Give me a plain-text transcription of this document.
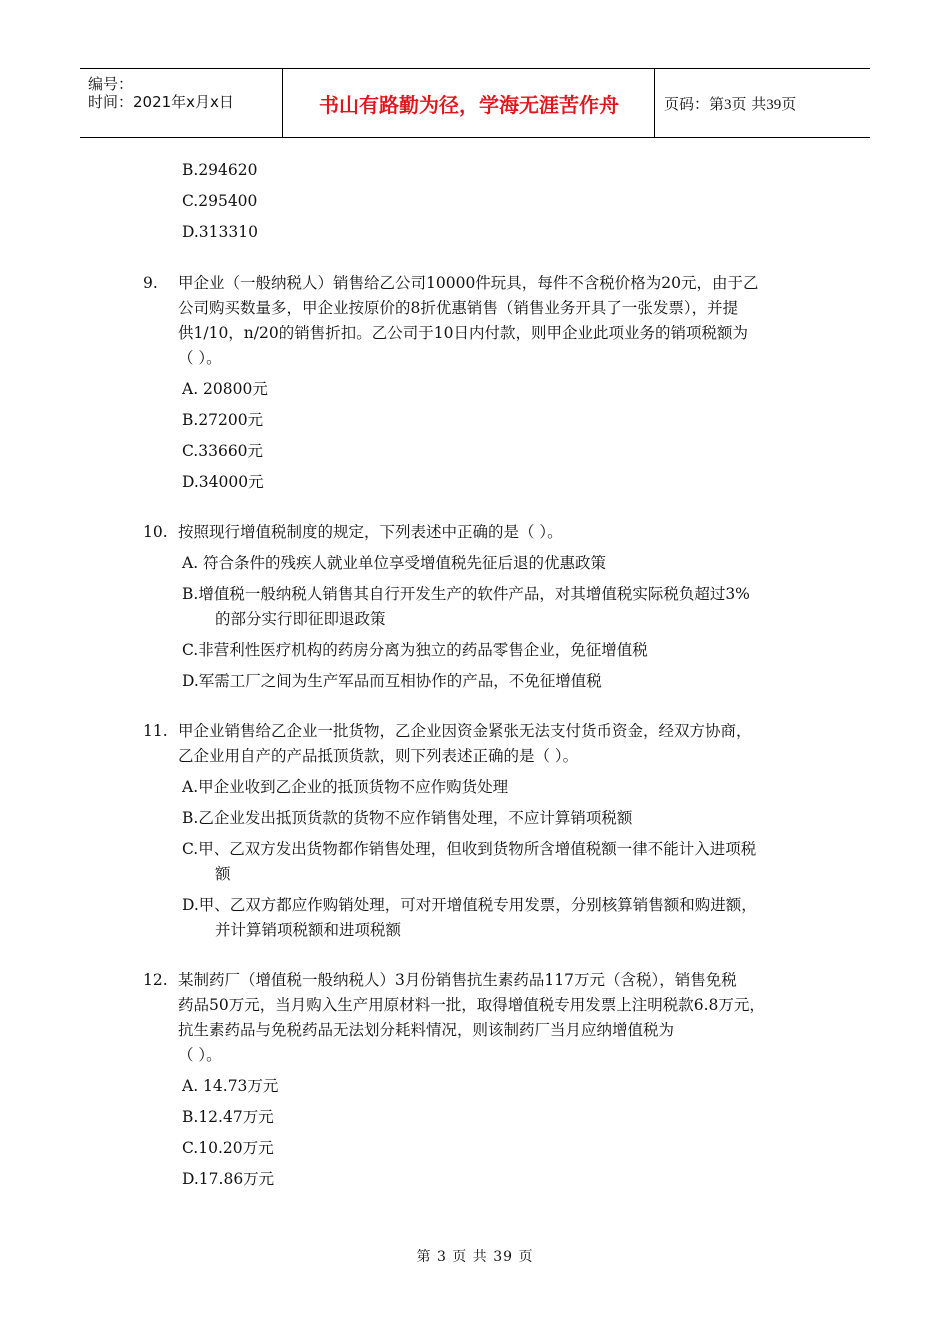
编号：
时间：2021年x月x日	书山有路勤为径，学海无涯苦作舟	页码：第3页 共39页
B.294620
C.295400
D.313310
9. 甲企业（一般纳税人）销售给乙公司10000件玩具，每件不含税价格为20元，由于乙
公司购买数量多，甲企业按原价的8折优惠销售（销售业务开具了一张发票），并提
供1/10，n/20的销售折扣。乙公司于10日内付款，则甲企业此项业务的销项税额为
（ ）。
A. 20800元
B.27200元
C.33660元
D.34000元
10. 按照现行增值税制度的规定，下列表述中正确的是（ ）。
A. 符合条件的残疾人就业单位享受增值税先征后退的优惠政策
B.增值税一般纳税人销售其自行开发生产的软件产品，对其增值税实际税负超过3%
的部分实行即征即退政策
C.非营利性医疗机构的药房分离为独立的药品零售企业，免征增值税
D.军需工厂之间为生产军品而互相协作的产品，不免征增值税
11. 甲企业销售给乙企业一批货物，乙企业因资金紧张无法支付货币资金，经双方协商，
乙企业用自产的产品抵顶货款，则下列表述正确的是（ ）。
A.甲企业收到乙企业的抵顶货物不应作购货处理
B.乙企业发出抵顶货款的货物不应作销售处理，不应计算销项税额
C.甲、乙双方发出货物都作销售处理，但收到货物所含增值税额一律不能计入进项税
额
D.甲、乙双方都应作购销处理，可对开增值税专用发票，分别核算销售额和购进额，
并计算销项税额和进项税额
12. 某制药厂（增值税一般纳税人）3月份销售抗生素药品117万元（含税），销售免税
药品50万元，当月购入生产用原材料一批，取得增值税专用发票上注明税款6.8万元，
抗生素药品与免税药品无法划分耗料情况，则该制药厂当月应纳增值税为
（ ）。
A. 14.73万元
B.12.47万元
C.10.20万元
D.17.86万元
第 3 页 共 39 页
